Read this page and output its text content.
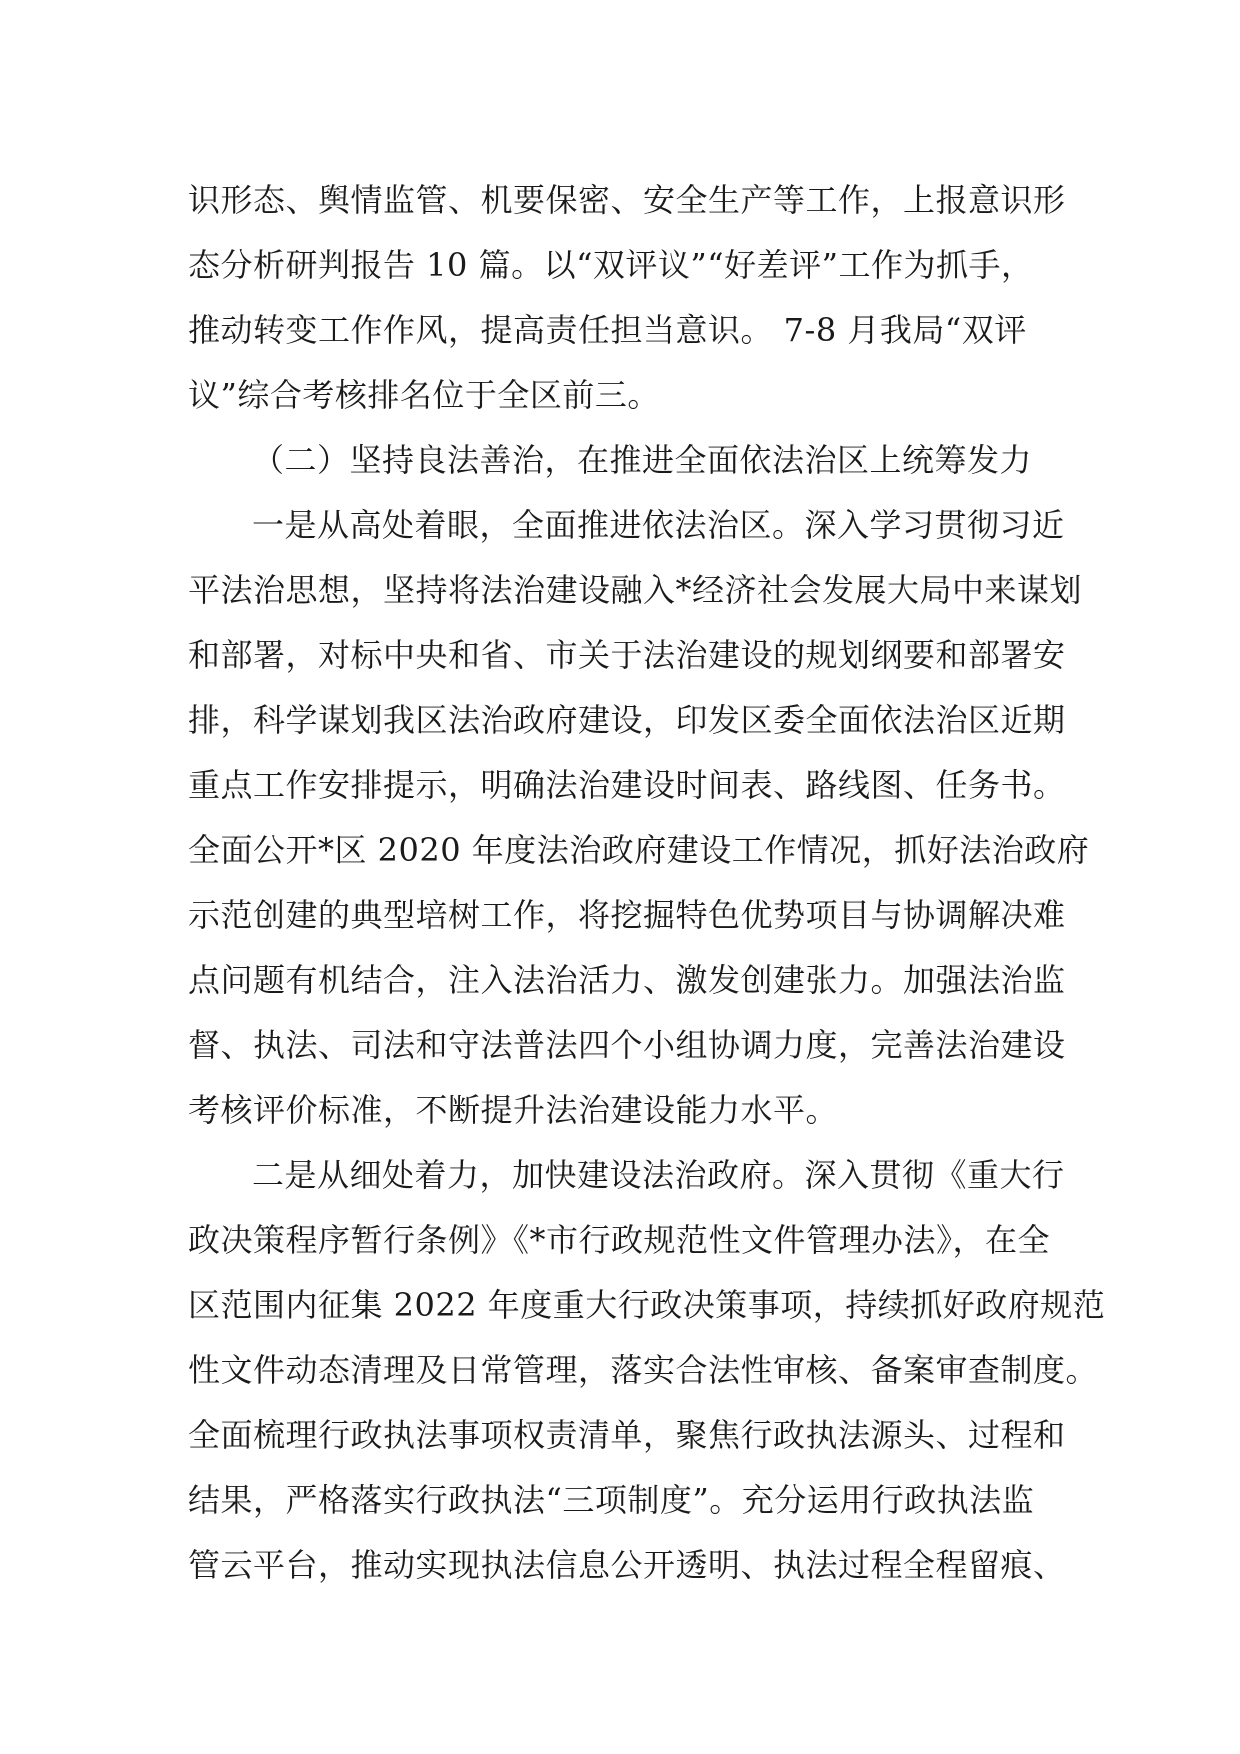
识形态、舆情监管、机要保密、安全生产等工作，上报意识形
态分析研判报告 10 篇。以“双评议”“好差评”工作为抓手，
推动转变工作作风，提高责任担当意识。 7-8 月我局“双评
议”综合考核排名位于全区前三。
（二）坚持良法善治，在推进全面依法治区上统筹发力
一是从高处着眼，全面推进依法治区。深入学习贯彻习近
平法治思想，坚持将法治建设融入*经济社会发展大局中来谋划
和部署，对标中央和省、市关于法治建设的规划纲要和部署安
排，科学谋划我区法治政府建设，印发区委全面依法治区近期
重点工作安排提示，明确法治建设时间表、路线图、任务书。
全面公开*区 2020 年度法治政府建设工作情况，抓好法治政府
示范创建的典型培树工作，将挖掘特色优势项目与协调解决难
点问题有机结合，注入法治活力、激发创建张力。加强法治监
督、执法、司法和守法普法四个小组协调力度，完善法治建设
考核评价标准，不断提升法治建设能力水平。
二是从细处着力，加快建设法治政府。深入贯彻《重大行
政决策程序暂行条例》《*市行政规范性文件管理办法》，在全
区范围内征集 2022 年度重大行政决策事项，持续抓好政府规范
性文件动态清理及日常管理，落实合法性审核、备案审查制度。
全面梳理行政执法事项权责清单，聚焦行政执法源头、过程和
结果，严格落实行政执法“三项制度”。充分运用行政执法监
管云平台，推动实现执法信息公开透明、执法过程全程留痕、
